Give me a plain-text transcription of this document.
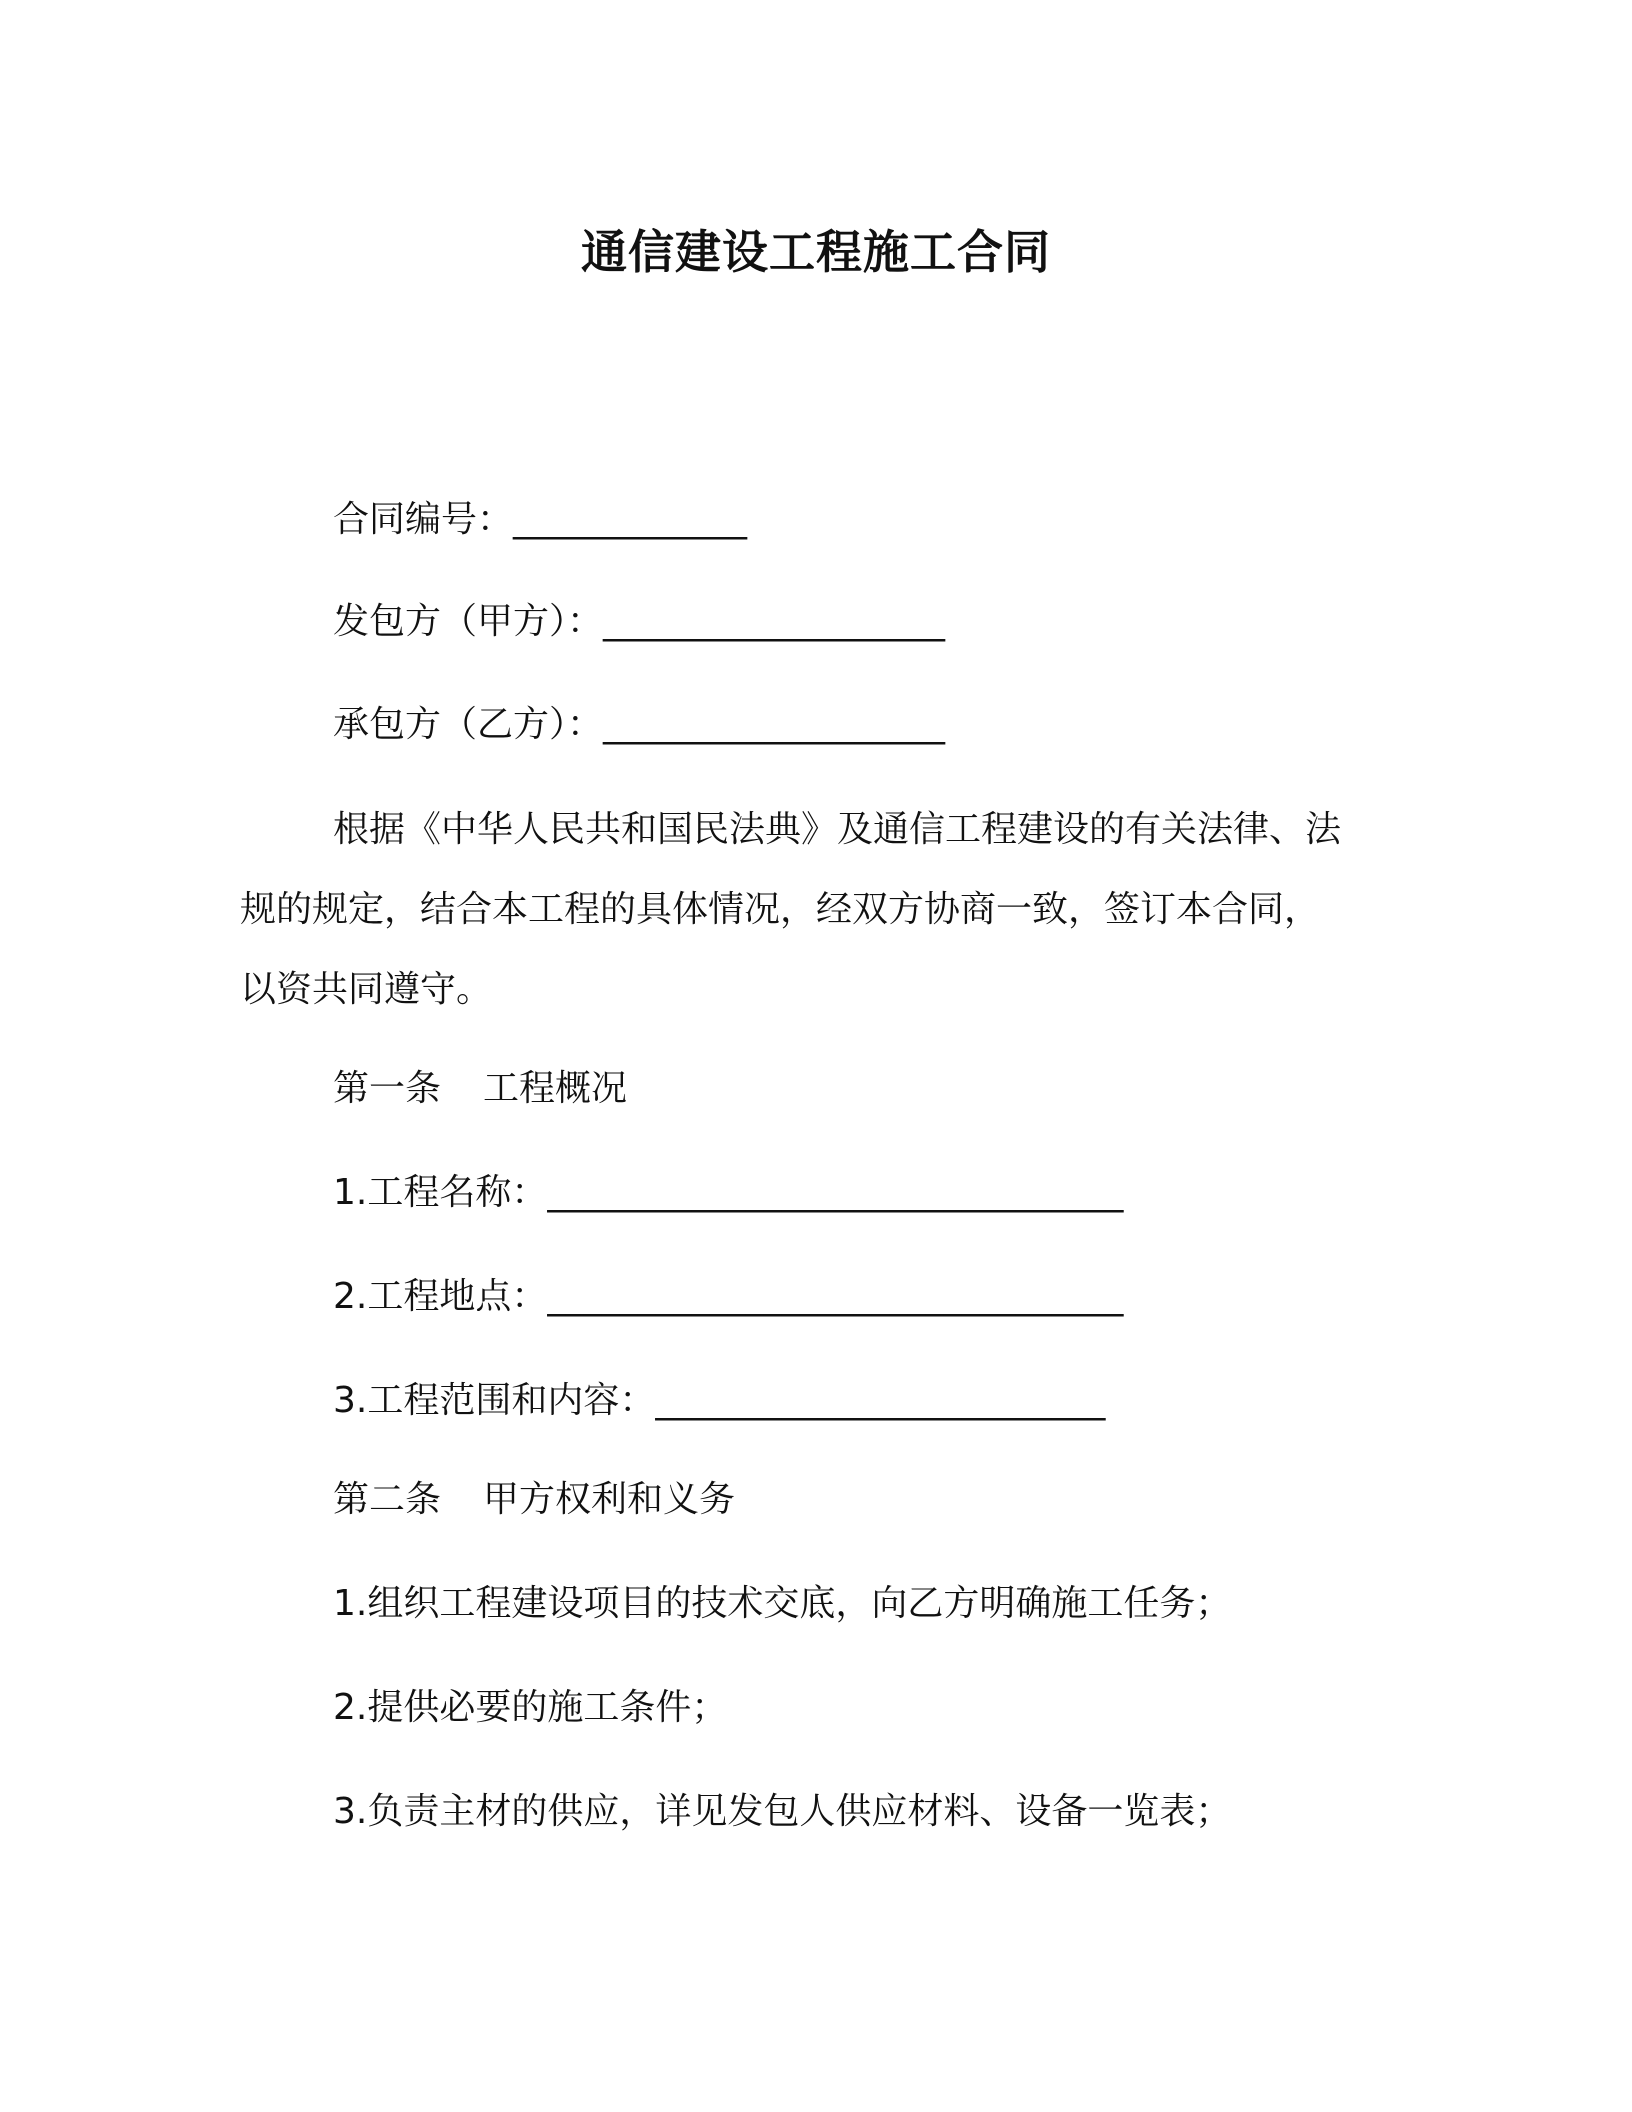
通信建设工程施工合同
合同编号：_____________
发包方（甲方）：___________________
承包方（乙方）：___________________
根据《中华人民共和国民法典》及通信工程建设的有关法律、法
规的规定，结合本工程的具体情况，经双方协商一致，签订本合同，
以资共同遵守。
第一条 工程概况
1.工程名称：________________________________
2.工程地点：________________________________
3.工程范围和内容：_________________________
第二条 甲方权利和义务
1.组织工程建设项目的技术交底，向乙方明确施工任务；
2.提供必要的施工条件；
3.负责主材的供应，详见发包人供应材料、设备一览表；
